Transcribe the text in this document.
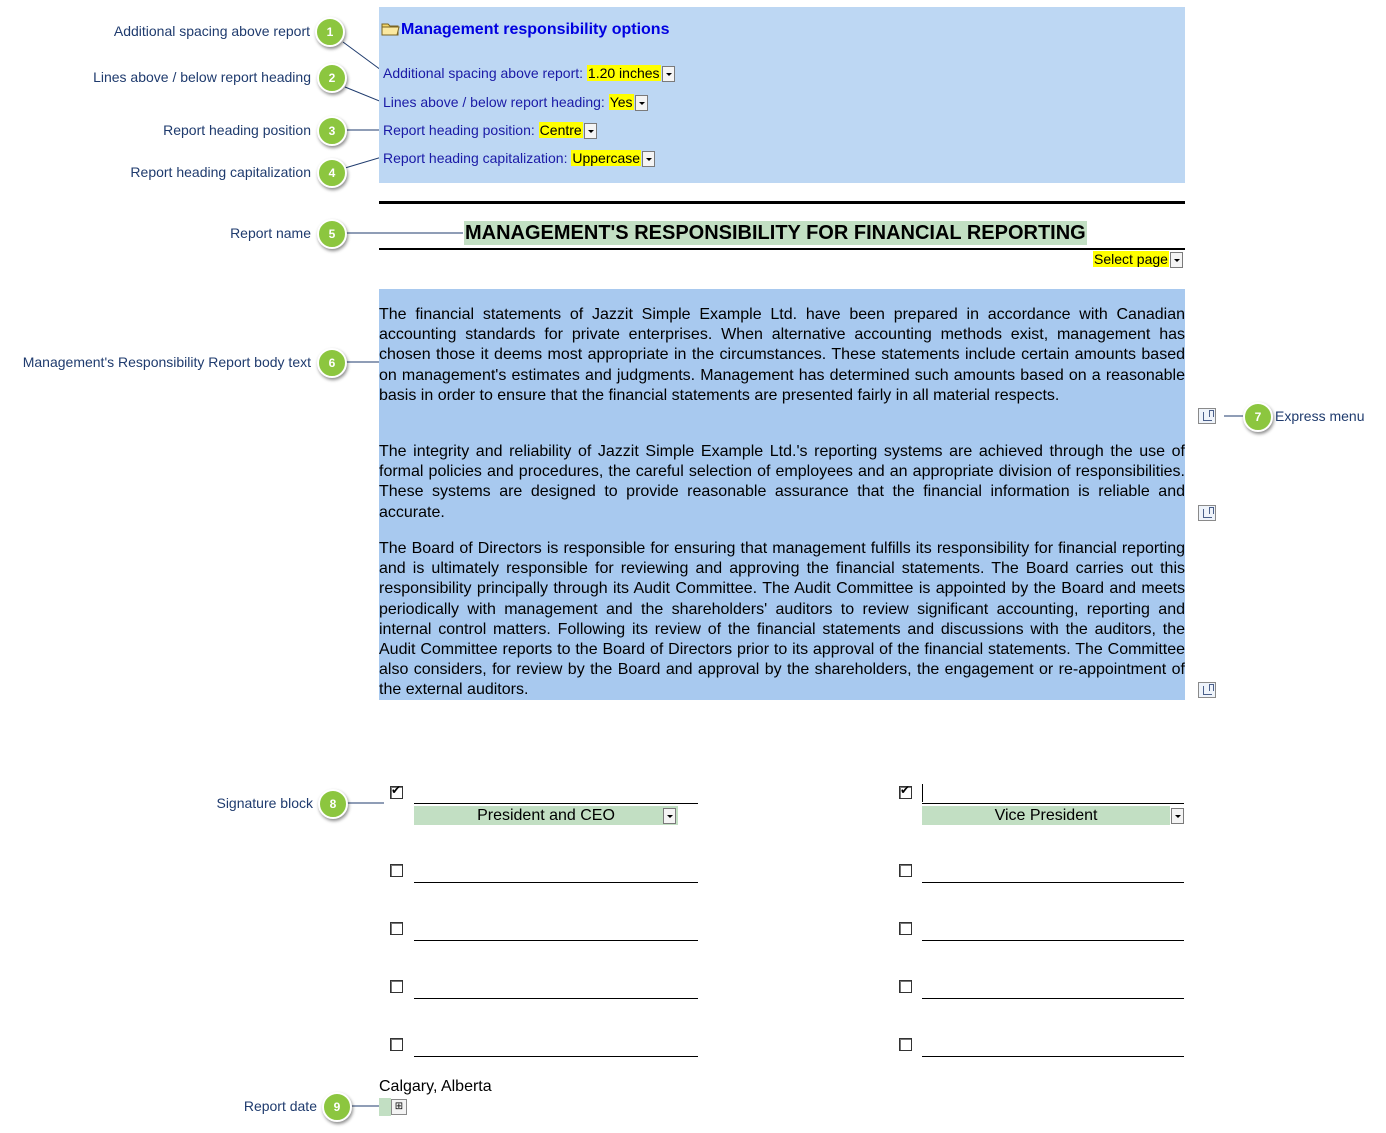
Additional spacing above report	1
Lines above / below report heading	2
Report heading position	3
Report heading capitalization	4
Report name	5
Management's Responsibility Report body text	6
7 Express menu
Signature block	8
Report date	9
Management responsibility options
Additional spacing above report: 1.20 inches
Lines above / below report heading: Yes
Report heading position: Centre
Report heading capitalization: Uppercase
MANAGEMENT'S RESPONSIBILITY FOR FINANCIAL REPORTING
Select page

The financial statements of Jazzit Simple Example Ltd. have been prepared in accordance with Canadian accounting standards for private enterprises. When alternative accounting methods exist, management has chosen those it deems most appropriate in the circumstances. These statements include certain amounts based on management's estimates and judgments. Management has determined such amounts based on a reasonable basis in order to ensure that the financial statements are presented fairly in all material respects.

The integrity and reliability of Jazzit Simple Example Ltd.'s reporting systems are achieved through the use of formal policies and procedures, the careful selection of employees and an appropriate division of responsibilities. These systems are designed to provide reasonable assurance that the financial information is reliable and accurate.

The Board of Directors is responsible for ensuring that management fulfills its responsibility for financial reporting and is ultimately responsible for reviewing and approving the financial statements. The Board carries out this responsibility principally through its Audit Committee. The Audit Committee is appointed by the Board and meets periodically with management and the shareholders' auditors to review significant accounting, reporting and internal control matters. Following its review of the financial statements and discussions with the auditors, the Audit Committee reports to the Board of Directors prior to its approval of the financial statements. The Committee also considers, for review by the Board and approval by the shareholders, the engagement or re-appointment of the external auditors.

✔
President and CEO
✔	Vice President
Calgary, Alberta
⊞
